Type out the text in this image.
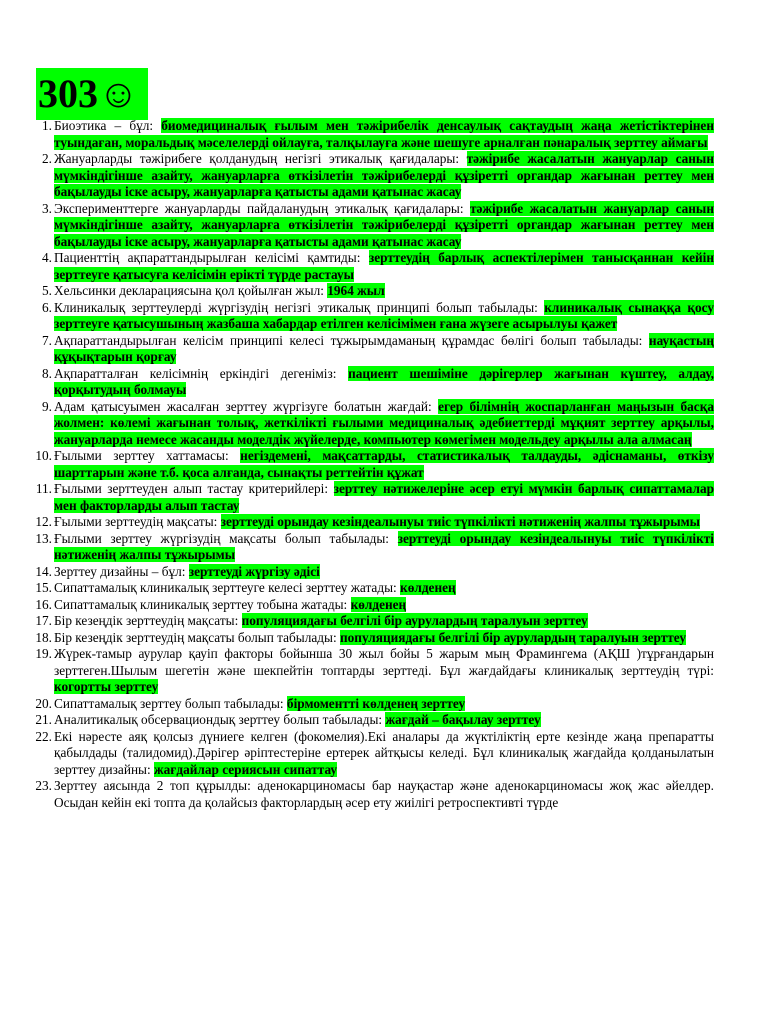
303☺
1. Биоэтика – бұл: биомедициналық ғылым мен тәжірибелік денсаулық сақтаудың жаңа жетістіктерінен туындаған, моральдық мәселелерді ойлауға, талқылауға және шешуге арналған пәнаралық зерттеу аймағы
2. Жануарларды тәжірибеге қолданудың негізгі этикалық қағидалары: тәжірибе жасалатын жануарлар санын мүмкіндігінше азайту, жануарларға өткізілетін тәжірибелерді құзіретті органдар жағынан реттеу мен бақылауды іске асыру, жануарларға қатысты адами қатынас жасау
3. Эксперименттерге жануарларды пайдаланудың этикалық қағидалары: тәжірибе жасалатын жануарлар санын мүмкіндігінше азайту, жануарларға өткізілетін тәжірибелерді құзіретті органдар жағынан реттеу мен бақылауды іске асыру, жануарларға қатысты адами қатынас жасау
4. Пациенттің ақпараттандырылған келісімі қамтиды: зерттеудің барлық аспектілерімен танысқаннан кейін зерттеуге қатысуға келісімін ерікті түрде растауы
5. Хельсинки декларациясына қол қойылған жыл: 1964 жыл
6. Клиникалық зерттеулерді жүргізудің негізгі этикалық принципі болып табылады: клиникалық сынаққа қосу зерттеуге қатысушының жазбаша хабардар етілген келісімімен ғана жүзеге асырылуы қажет
7. Ақпараттандырылған келісім принципі келесі тұжырымдаманың құрамдас бөлігі болып табылады: науқастың құқықтарын қорғау
8. Ақпаратталған келісімнің еркіндігі дегеніміз: пациент шешіміне дәрігерлер жағынан күштеу, алдау, қорқытудың болмауы
9. Адам қатысуымен жасалған зерттеу жүргізуге болатын жағдай: егер білімнің жоспарланған маңызын басқа жолмен: көлемі жағынан толық, жеткілікті ғылыми медициналық әдебиеттерді мұқият зерттеу арқылы, жануарларда немесе жасанды моделдік жүйелерде, компьютер көмегімен модельдеу арқылы ала алмасаң
10. Ғылыми зерттеу хаттамасы: негіздемені, мақсаттарды, статистикалық талдауды, әдіснаманы, өткізу шарттарын және т.б. қоса алғанда, сынақты реттейтін құжат
11. Ғылыми зерттеуден алып тастау критерийлері: зерттеу нәтижелеріне әсер етуі мүмкін барлық сипаттамалар мен факторларды алып тастау
12. Ғылыми зерттеудің мақсаты: зерттеуді орындау кезіндеалынуы тиіс түпкілікті нәтиженің жалпы тұжырымы
13. Ғылыми зерттеу жүргізудің мақсаты болып табылады: зерттеуді орындау кезіндеалынуы тиіс түпкілікті нәтиженің жалпы тұжырымы
14. Зерттеу дизайны – бұл: зерттеуді жүргізу әдісі
15. Сипаттамалық клиникалық зерттеуге келесі зерттеу жатады: көлденең
16. Сипаттамалық клиникалық зерттеу тобына жатады: көлденең
17. Бір кезеңдік зерттеудің мақсаты: популяциядағы белгілі бір аурулардың таралуын зерттеу
18. Бір кезеңдік зерттеудің мақсаты болып табылады: популяциядағы белгілі бір аурулардың таралуын зерттеу
19. Жүрек-тамыр аурулар қауіп факторы бойынша 30 жыл бойы 5 жарым мың Фрамингема (АҚШ )тұрғандарын зерттеген.Шылым шегетін және шекпейтін топтарды зерттеді. Бұл жағдайдағы клиникалық зерттеудің түрі: когортты зерттеу
20. Сипаттамалық зерттеу болып табылады: бірмоментті көлденең зерттеу
21. Аналитикалық обсервациондық зерттеу болып табылады: жағдай – бақылау зерттеу
22. Екі нәресте аяқ қолсыз дүниеге келген (фокомелия).Екі аналары да жүктіліктің ерте кезінде жаңа препаратты қабылдады (талидомид).Дәрігер әріптестеріне ертерек айтқысы келеді. Бұл клиникалық жағдайда қолданылатын зерттеу дизайны: жағдайлар сериясын сипаттау
23. Зерттеу аясында 2 топ құрылды: аденокарциномасы бар науқастар және аденокарциномасы жоқ жас әйелдер. Осыдан кейін екі топта да қолайсыз факторлардың әсер ету жиілігі ретроспективті түрде
